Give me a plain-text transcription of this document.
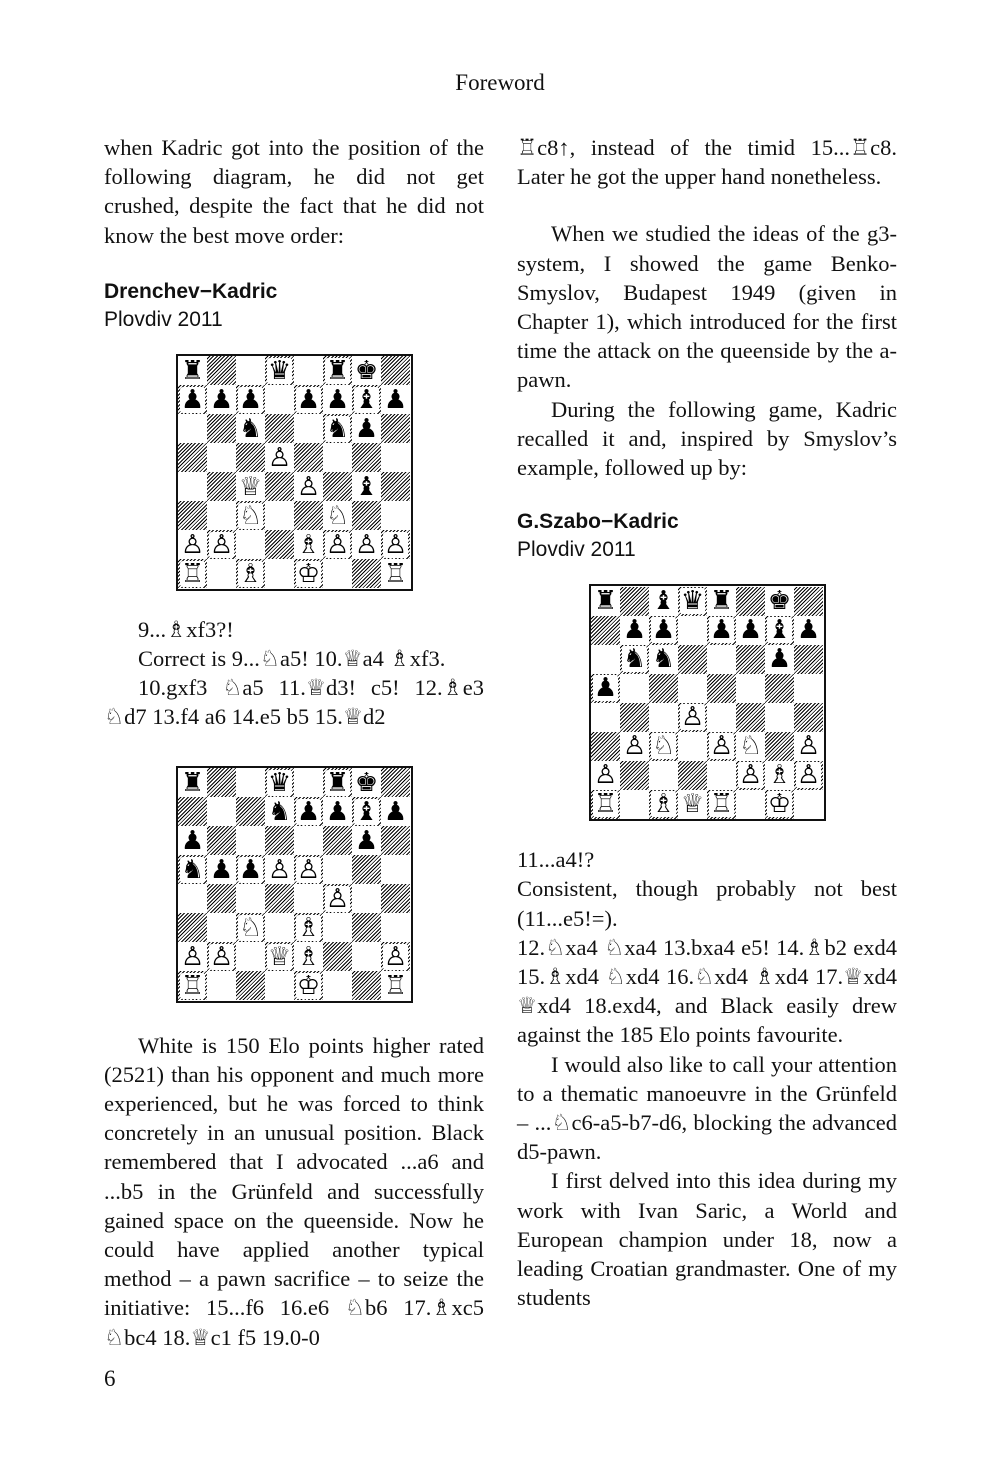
Foreword

when Kadric got into the position of the following diagram, he did not get crushed, despite the fact that he did not know the best move order:

Drenchev−Kadric

Plovdiv 2011

♜ ♛ ♜ ♚
♟ ♟ ♟ ♟ ♟ ♝ ♟
♞ ♞ ♟
♙
♕ ♙ ♝
♘ ♘
♙ ♙ ♗ ♙ ♙ ♙
♖ ♗ ♔ ♖

9...♗xf3?!

Correct is 9...♘a5! 10.♕a4 ♗xf3.

10.gxf3 ♘a5 11.♕d3! c5! 12.♗e3 ♘d7 13.f4 a6 14.e5 b5 15.♕d2

♜ ♛ ♜ ♚
♞ ♟ ♟ ♝ ♟
♟	♟
♞ ♟ ♟ ♙ ♙
♙
♘ ♗
♙ ♙ ♕ ♗ ♙
♖	♔ ♖

White is 150 Elo points higher rated (2521) than his opponent and much more experienced, but he was forced to think concretely in an unusual position. Black remembered that I advocated ...a6 and ...b5 in the Grünfeld and successfully gained space on the queenside. Now he could have applied another typical method – a pawn sacrifice – to seize the initiative: 15...f6 16.e6 ♘b6 17.♗xc5 ♘bc4 18.♕c1 f5 19.0-0

♖c8↑, instead of the timid 15...♖c8. Later he got the upper hand nonetheless.

When we studied the ideas of the g3-system, I showed the game Benko-Smyslov, Budapest 1949 (given in Chapter 1), which introduced for the first time the attack on the queenside by the a-pawn.

During the following game, Kadric recalled it and, inspired by Smyslov’s example, followed up by:

G.Szabo−Kadric

Plovdiv 2011

♜ ♝ ♛ ♜ ♚
♟ ♟ ♟ ♟ ♝ ♟
♞ ♞	♟
♟
♙
♙ ♘ ♙ ♘ ♙
♙	♙ ♗ ♙
♖ ♗ ♕ ♖ ♔

11...a4!?

Consistent, though probably not best (11...e5!=).

12.♘xa4 ♘xa4 13.bxa4 e5! 14.♗b2 exd4 15.♗xd4 ♘xd4 16.♘xd4 ♗xd4 17.♕xd4 ♕xd4 18.exd4, and Black easily drew against the 185 Elo points favourite.

I would also like to call your attention to a thematic manoeuvre in the Grünfeld – ...♘c6-a5-b7-d6, blocking the advanced d5-pawn.

I first delved into this idea during my work with Ivan Saric, a World and European champion under 18, now a leading Croatian grandmaster. One of my students

6
